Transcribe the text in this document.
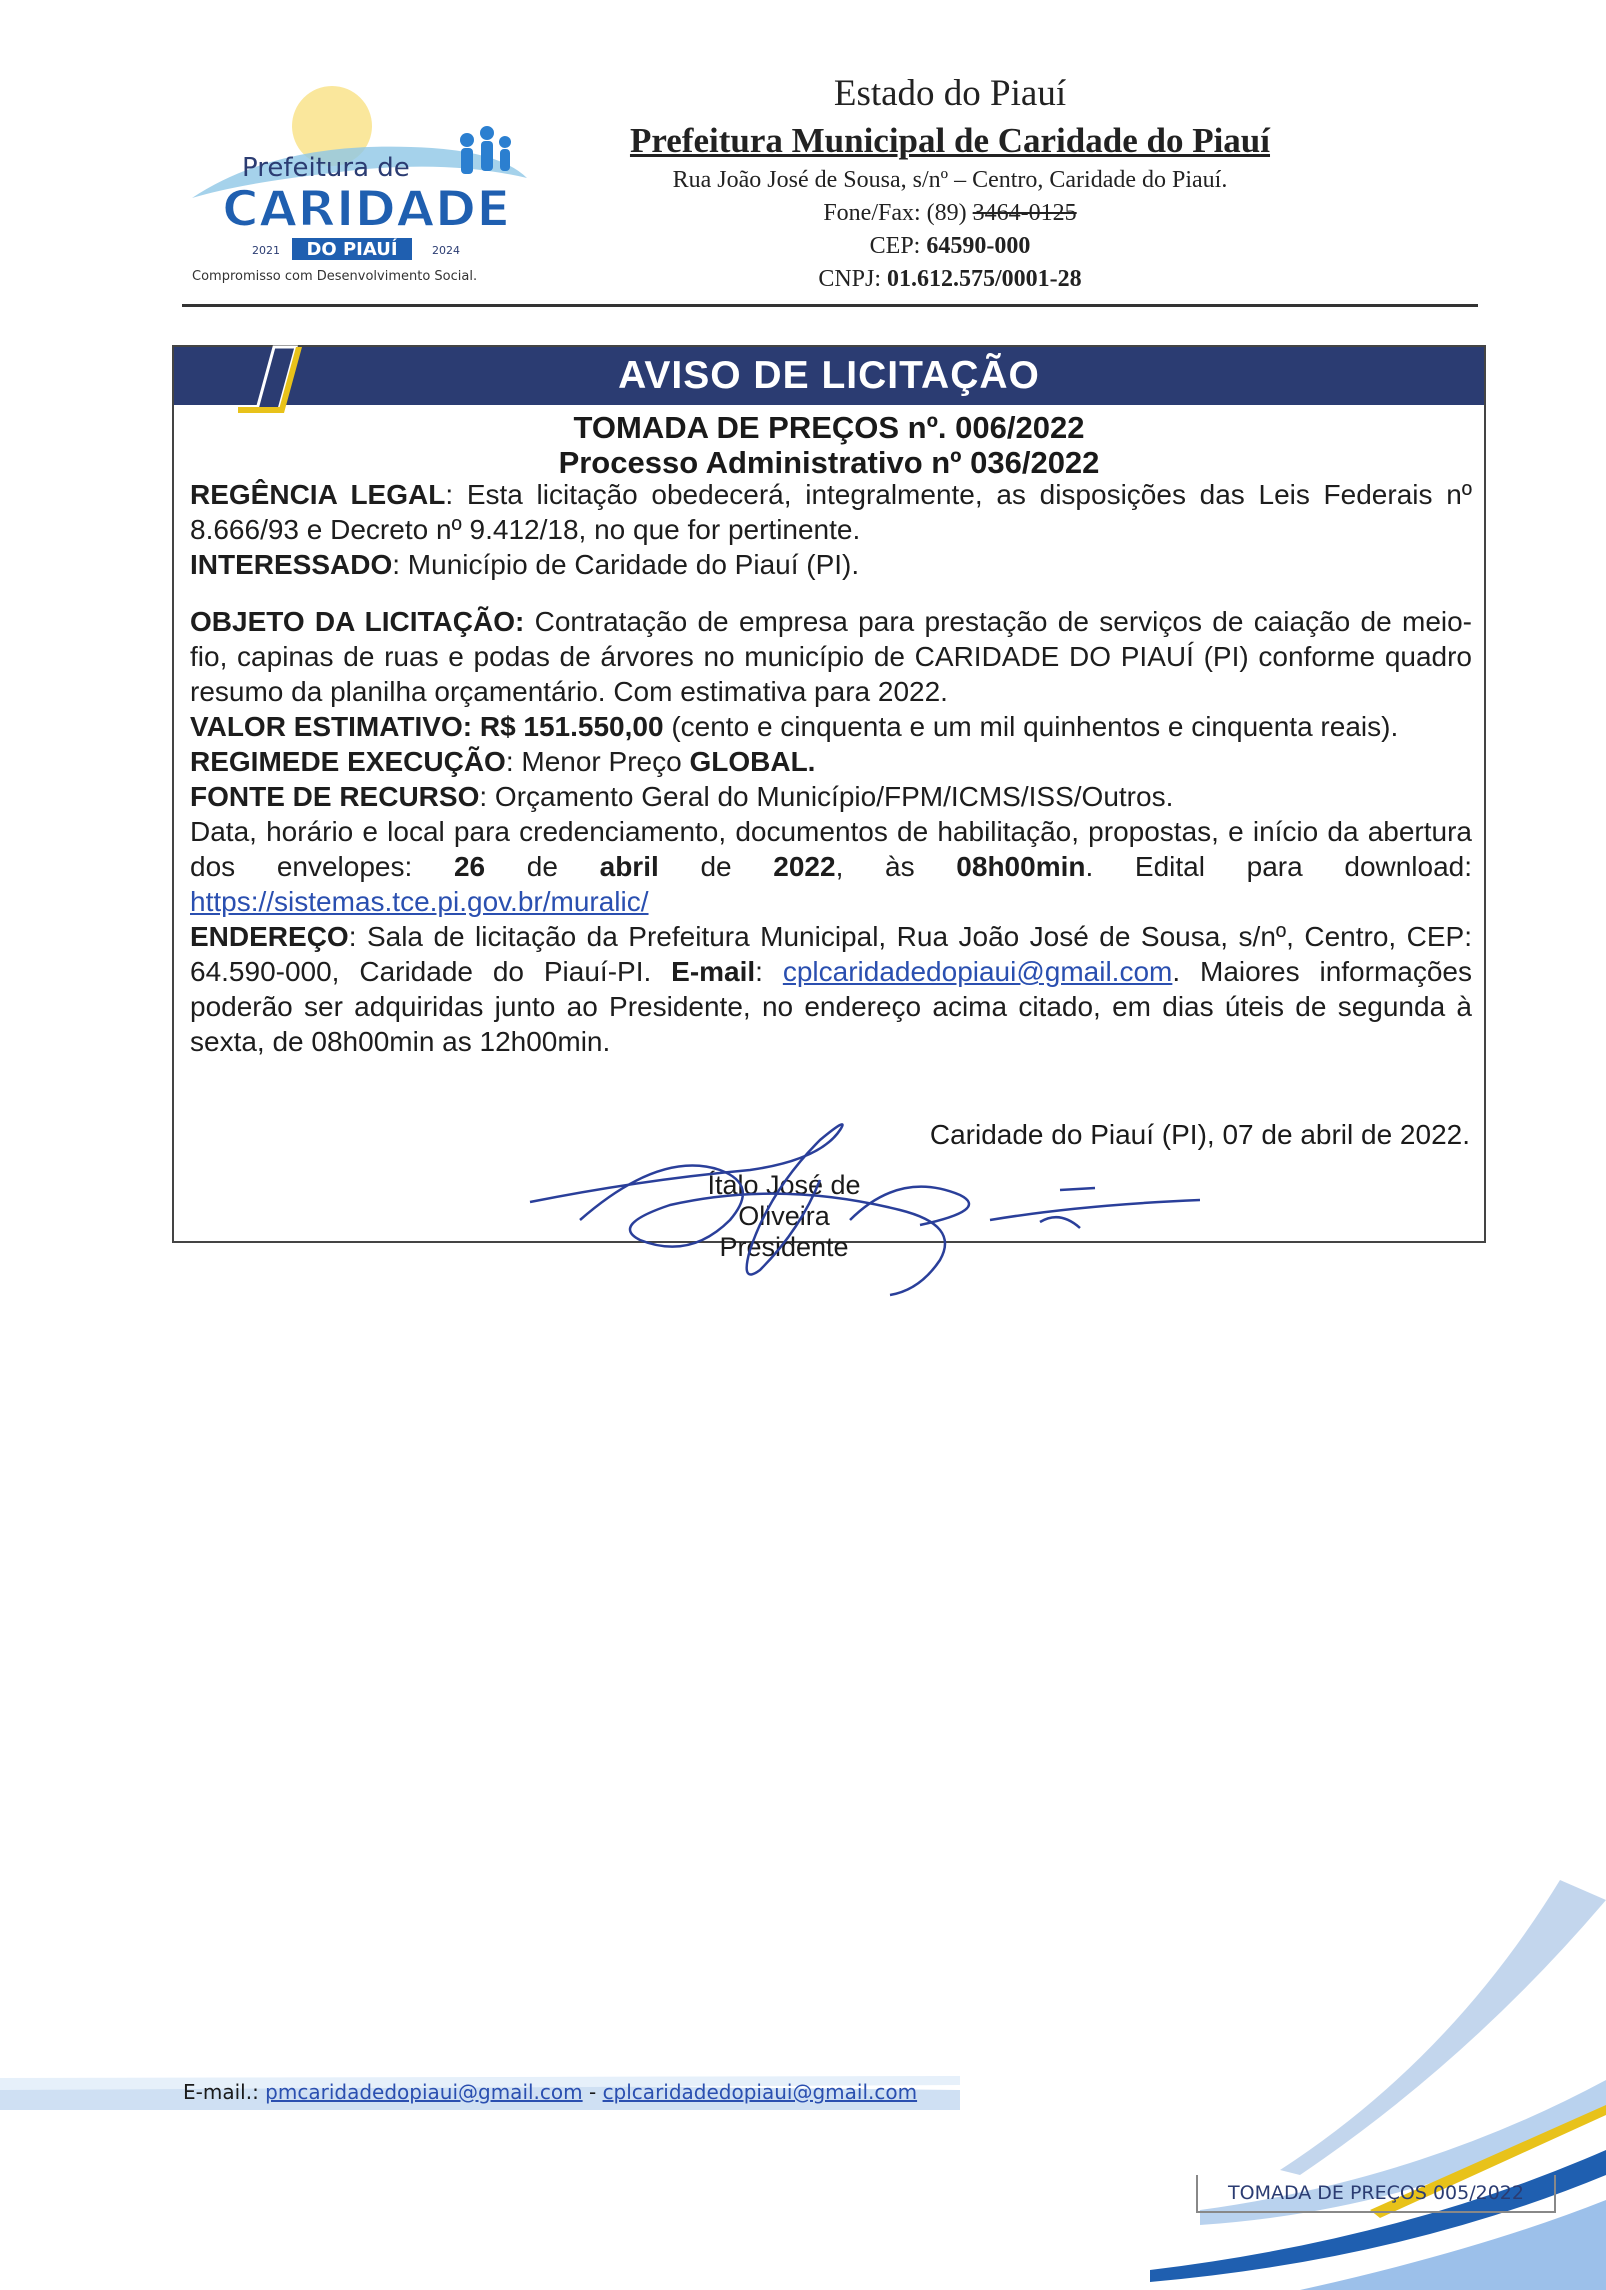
Prefeitura de
CARIDADE
DO PIAUÍ
2021	2024
Compromisso com Desenvolvimento Social.
Estado do Piauí
Prefeitura Municipal de Caridade do Piauí
Rua João José de Sousa, s/nº – Centro, Caridade do Piauí.
Fone/Fax: (89) 3464-0125
CEP: 64590-000
CNPJ: 01.612.575/0001-28
AVISO DE LICITAÇÃO
TOMADA DE PREÇOS nº. 006/2022
Processo Administrativo nº 036/2022

REGÊNCIA LEGAL: Esta licitação obedecerá, integralmente, as disposições das Leis Federais nº 8.666/93 e Decreto nº 9.412/18, no que for pertinente.

INTERESSADO: Município de Caridade do Piauí (PI).

OBJETO DA LICITAÇÃO: Contratação de empresa para prestação de serviços de caiação de meio-fio, capinas de ruas e podas de árvores no município de CARIDADE DO PIAUÍ (PI) conforme quadro resumo da planilha orçamentário. Com estimativa para 2022.

VALOR ESTIMATIVO: R$ 151.550,00 (cento e cinquenta e um mil quinhentos e cinquenta reais).

REGIMEDE EXECUÇÃO: Menor Preço GLOBAL.

FONTE DE RECURSO: Orçamento Geral do Município/FPM/ICMS/ISS/Outros.

Data, horário e local para credenciamento, documentos de habilitação, propostas, e início da abertura dos envelopes: 26 de abril de 2022, às 08h00min. Edital para download: https://sistemas.tce.pi.gov.br/muralic/

ENDEREÇO: Sala de licitação da Prefeitura Municipal, Rua João José de Sousa, s/nº, Centro, CEP: 64.590-000, Caridade do Piauí-PI. E-mail: cplcaridadedopiaui@gmail.com. Maiores informações poderão ser adquiridas junto ao Presidente, no endereço acima citado, em dias úteis de segunda à sexta, de 08h00min as 12h00min.

Caridade do Piauí (PI), 07 de abril de 2022.
Ítalo José de Oliveira
Presidente
E-mail.: pmcaridadedopiaui@gmail.com - cplcaridadedopiaui@gmail.com
TOMADA DE PREÇOS 005/2022
